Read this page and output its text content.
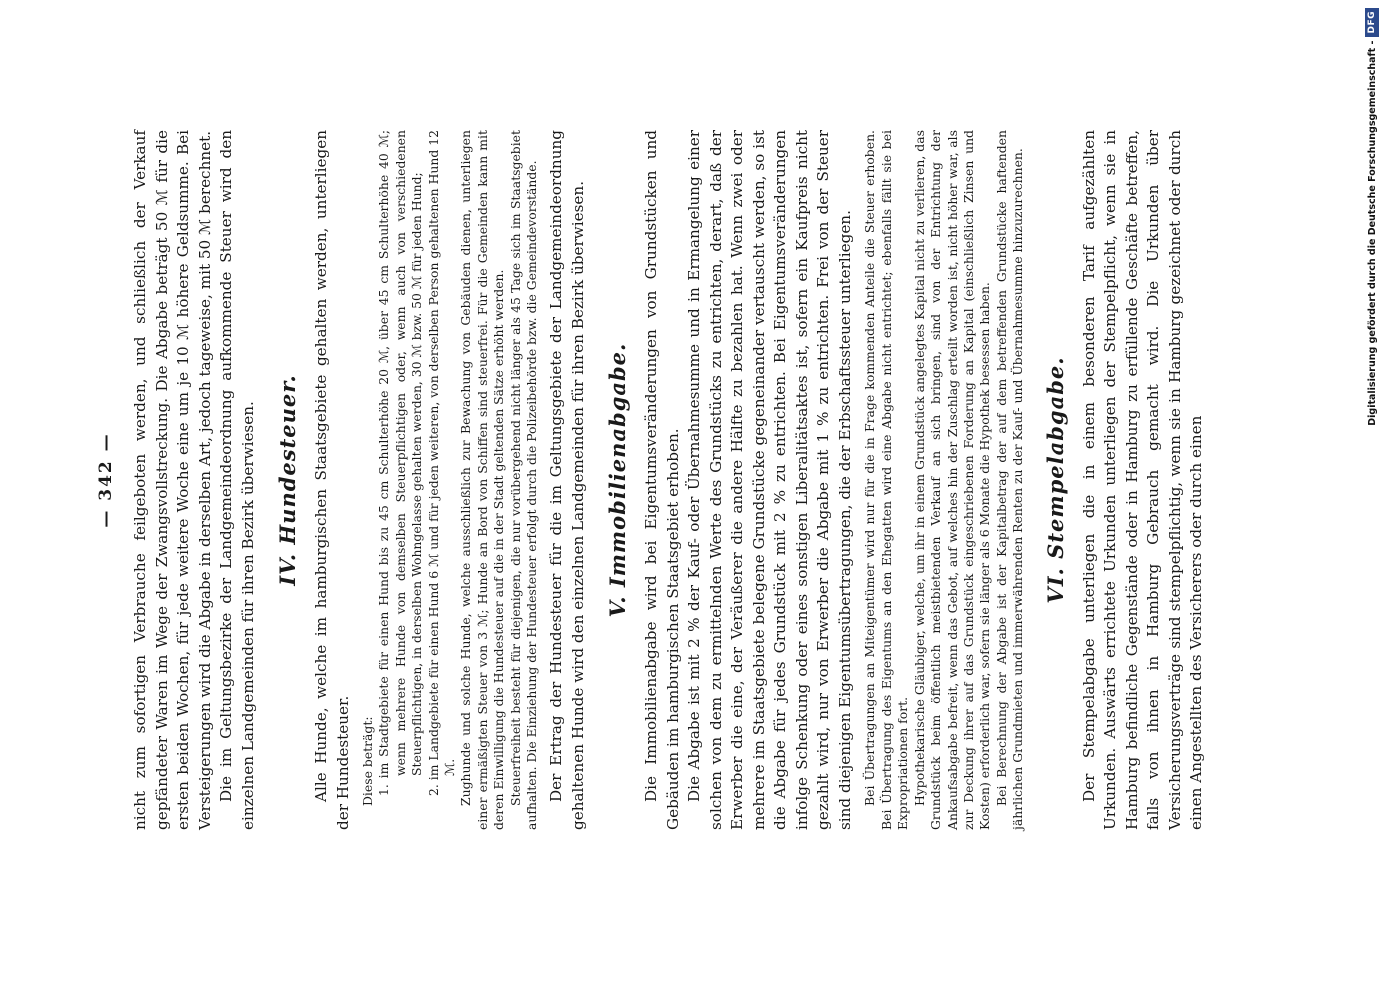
— 342 — nicht zum sofortigen Verbrauche feilgeboten werden, und schließlich der Verkauf gepfändeter Waren im Wege der Zwangsvollstreckung. Die Abgabe beträgt 50 ℳ für die ersten beiden Wochen, für jede weitere Woche eine um je 10 ℳ höhere Geldsumme. Bei Versteigerungen wird die Abgabe in derselben Art, jedoch tageweise, mit 50 ℳ berechnet. Die im Geltungsbezirke der Landgemeindeordnung aufkommende Steuer wird den einzelnen Landgemeinden für ihren Bezirk überwiesen. IV. Hundesteuer. Alle Hunde, welche im hamburgischen Staatsgebiete gehalten werden, unterliegen der Hundesteuer. Diese beträgt: 1. im Stadtgebiete für einen Hund bis zu 45 cm Schulterhöhe 20 ℳ, über 45 cm Schulterhöhe 40 ℳ; wenn mehrere Hunde von demselben Steuerpflichtigen oder, wenn auch von verschiedenen Steuerpflichtigen, in derselben Wohngelasse gehalten werden, 30 ℳ bzw. 50 ℳ für jeden Hund; 2. im Landgebiete für einen Hund 6 ℳ und für jeden weiteren, von derselben Person gehaltenen Hund 12 ℳ. Zughunde und solche Hunde, welche ausschließlich zur Bewachung von Gebäuden dienen, unterliegen einer ermäßigten Steuer von 3 ℳ; Hunde an Bord von Schiffen sind steuerfrei. Für die Gemeinden kann mit deren Einwilligung die Hundesteuer auf die in der Stadt geltenden Sätze erhöht werden. Steuerfreiheit besteht für diejenigen, die nur vorübergehend nicht länger als 45 Tage sich im Staatsgebiet aufhalten. Die Einziehung der Hundesteuer erfolgt durch die Polizeibehörde bzw. die Gemeindevorstände. Der Ertrag der Hundesteuer für die im Geltungsgebiete der Landgemeindeordnung gehaltenen Hunde wird den einzelnen Landgemeinden für ihren Bezirk überwiesen. V. Immobilienabgabe. Die Immobilienabgabe wird bei Eigentumsveränderungen von Grundstücken und Gebäuden im hamburgischen Staatsgebiet erhoben. Die Abgabe ist mit 2 % der Kauf- oder Übernahmesumme und in Ermangelung einer solchen von dem zu ermittelnden Werte des Grundstücks zu entrichten, derart, daß der Erwerber die eine, der Veräußerer die andere Hälfte zu bezahlen hat. Wenn zwei oder mehrere im Staatsgebiete belegene Grundstücke gegeneinander vertauscht werden, so ist die Abgabe für jedes Grundstück mit 2 % zu entrichten. Bei Eigentumsveränderungen infolge Schenkung oder eines sonstigen Liberalitätsaktes ist, sofern ein Kaufpreis nicht gezahlt wird, nur von Erwerber die Abgabe mit 1 % zu entrichten. Frei von der Steuer sind diejenigen Eigentumsübertragungen, die der Erbschaftssteuer unterliegen. Bei Übertragungen an Miteigentümer wird nur für die in Frage kommenden Anteile die Steuer erhoben. Bei Übertragung des Eigentums an den Ehegatten wird eine Abgabe nicht entrichtet; ebenfalls fällt sie bei Expropriationen fort. Hypothekarische Gläubiger, welche, um ihr in einem Grundstück angelegtes Kapital nicht zu verlieren, das Grundstück beim öffentlich meistbietenden Verkauf an sich bringen, sind von der Entrichtung der Ankaufsabgabe befreit, wenn das Gebot, auf welches hin der Zuschlag erteilt worden ist, nicht höher war, als zur Deckung ihrer auf das Grundstück eingeschriebenen Forderung an Kapital (einschließlich Zinsen und Kosten) erforderlich war, sofern sie länger als 6 Monate die Hypothek besessen haben. Bei Berechnung der Abgabe ist der Kapitalbetrag der auf dem betreffenden Grundstücke haftenden jährlichen Grundmieten und immerwährenden Renten zu der Kauf- und Übernahmesumme hinzuzurechnen. VI. Stempelabgabe. Der Stempelabgabe unterliegen die in einem besonderen Tarif aufgezählten Urkunden. Auswärts errichtete Urkunden unterliegen der Stempelpflicht, wenn sie in Hamburg befindliche Gegenstände oder in Hamburg zu erfüllende Geschäfte betreffen, falls von ihnen in Hamburg Gebrauch gemacht wird. Die Urkunden über Versicherungsverträge sind stempelpflichtig, wenn sie in Hamburg gezeichnet oder durch einen Angestellten des Versicherers oder durch einen

Digitalisierung gefördert durch die Deutsche Forschungsgemeinschaft -
DFG
